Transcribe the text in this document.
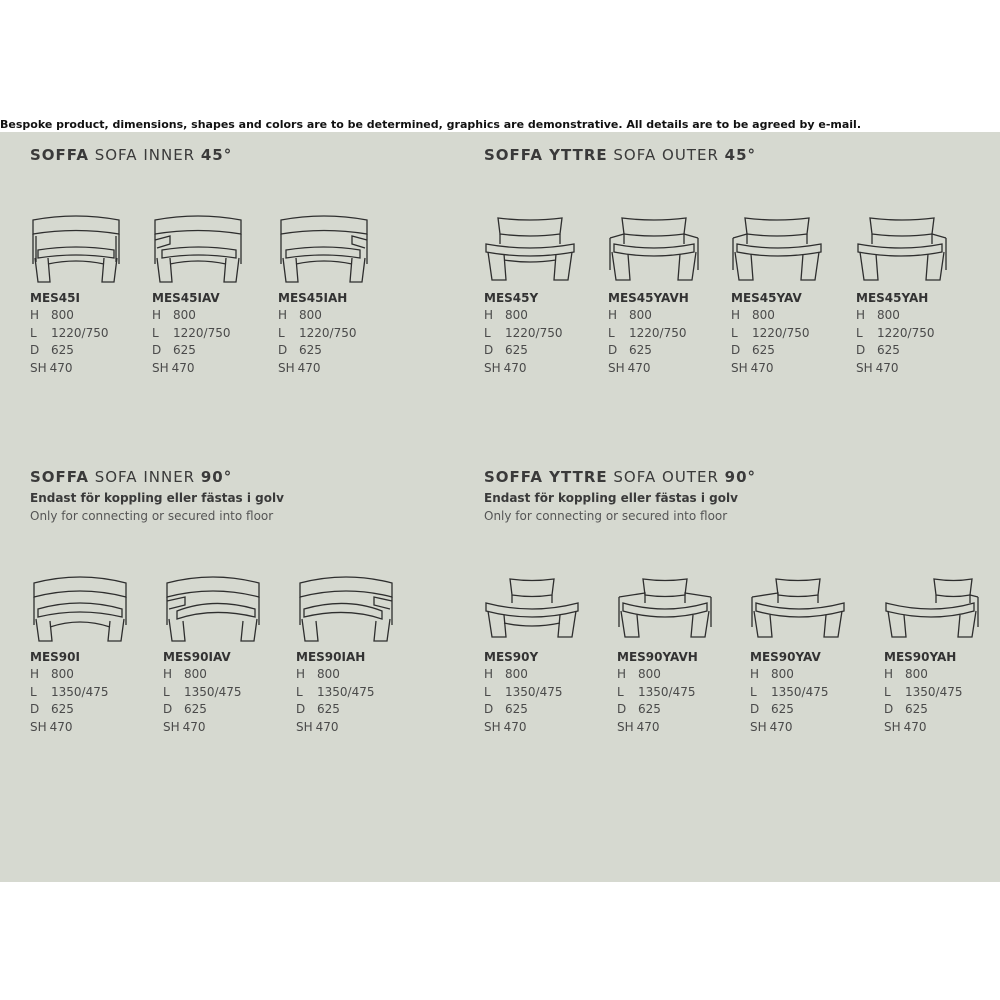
Bespoke product, dimensions, shapes and colors are to be determined, graphics are demonstrative. All details are to be agreed by e-mail.
SOFFA SOFA INNER 45°	SOFFA YTTRE SOFA OUTER 45°
SOFFA SOFA INNER 90°
Endast för koppling eller fästas i golv
Only for connecting or secured into floor
SOFFA YTTRE SOFA OUTER 90°
Endast för koppling eller fästas i golv
Only for connecting or secured into floor
MES45I
H 800
L 1220/750
D 625
SH 470
MES45IAV
H 800
L 1220/750
D 625
SH 470
MES45IAH
H 800
L 1220/750
D 625
SH 470
MES45Y
H 800
L 1220/750
D 625
SH 470
MES45YAVH
H 800
L 1220/750
D 625
SH 470
MES45YAV
H 800
L 1220/750
D 625
SH 470
MES45YAH
H 800
L 1220/750
D 625
SH 470
MES90I
H 800
L 1350/475
D 625
SH 470
MES90IAV
H 800
L 1350/475
D 625
SH 470
MES90IAH
H 800
L 1350/475
D 625
SH 470
MES90Y
H 800
L 1350/475
D 625
SH 470
MES90YAVH
H 800
L 1350/475
D 625
SH 470
MES90YAV
H 800
L 1350/475
D 625
SH 470
MES90YAH
H 800
L 1350/475
D 625
SH 470
